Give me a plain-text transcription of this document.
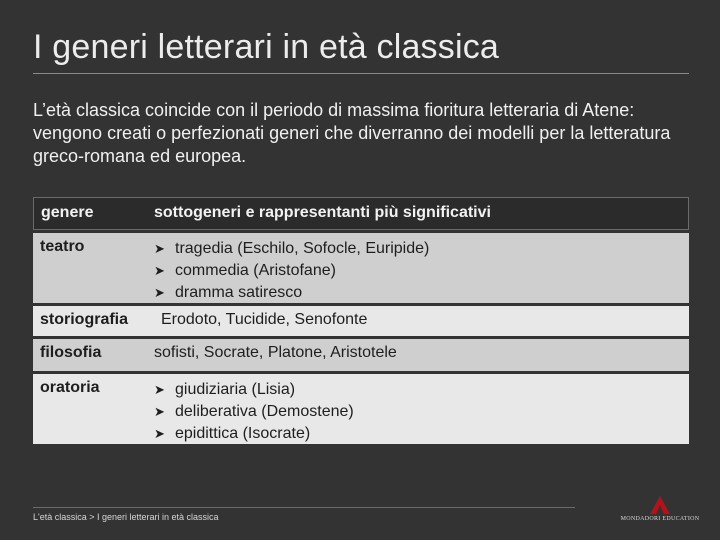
I generi letterari in età classica
L’età classica coincide con il periodo di massima fioritura letteraria di Atene: vengono creati o perfezionati generi che diverranno dei modelli per la letteratura greco-romana ed europea.
genere	sottogeneri e rappresentanti più significativi
teatro	➤ tragedia (Eschilo, Sofocle, Euripide)
➤ commedia (Aristofane)
➤ dramma satiresco
storiografia	Erodoto, Tucidide, Senofonte
filosofia	sofisti, Socrate, Platone, Aristotele
oratoria	➤ giudiziaria (Lisia)
➤ deliberativa (Demostene)
➤ epidittica (Isocrate)
L'età classica > I generi letterari in età classica	MONDADORI EDUCATION
